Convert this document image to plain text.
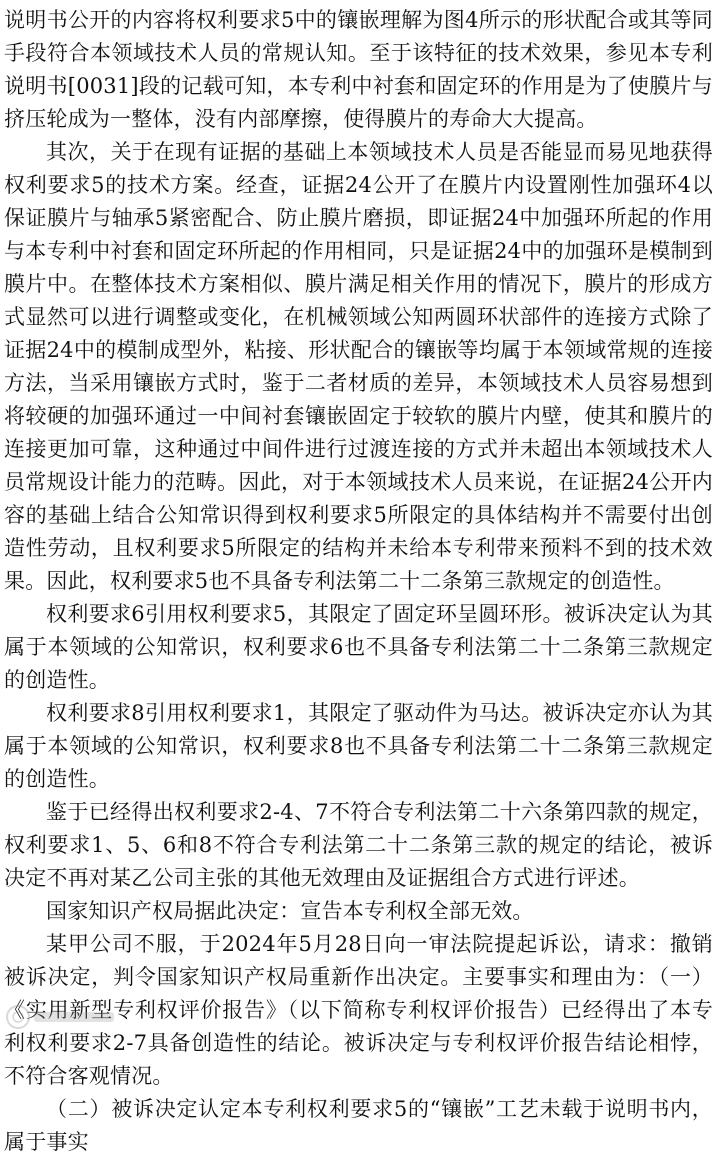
说明书公开的内容将权利要求5中的镶嵌理解为图4所示的形状配合或其等同手段符合本领域技术人员的常规认知。至于该特征的技术效果，参见本专利说明书[0031]段的记载可知，本专利中衬套和固定环的作用是为了使膜片与挤压轮成为一整体，没有内部摩擦，使得膜片的寿命大大提高。

其次，关于在现有证据的基础上本领域技术人员是否能显而易见地获得权利要求5的技术方案。经查，证据24公开了在膜片内设置刚性加强环4以保证膜片与轴承5紧密配合、防止膜片磨损，即证据24中加强环所起的作用与本专利中衬套和固定环所起的作用相同，只是证据24中的加强环是模制到膜片中。在整体技术方案相似、膜片满足相关作用的情况下，膜片的形成方式显然可以进行调整或变化，在机械领域公知两圆环状部件的连接方式除了证据24中的模制成型外，粘接、形状配合的镶嵌等均属于本领域常规的连接方法，当采用镶嵌方式时，鉴于二者材质的差异，本领域技术人员容易想到将较硬的加强环通过一中间衬套镶嵌固定于较软的膜片内壁，使其和膜片的连接更加可靠，这种通过中间件进行过渡连接的方式并未超出本领域技术人员常规设计能力的范畴。因此，对于本领域技术人员来说，在证据24公开内容的基础上结合公知常识得到权利要求5所限定的具体结构并不需要付出创造性劳动，且权利要求5所限定的结构并未给本专利带来预料不到的技术效果。因此，权利要求5也不具备专利法第二十二条第三款规定的创造性。

权利要求6引用权利要求5，其限定了固定环呈圆环形。被诉决定认为其属于本领域的公知常识，权利要求6也不具备专利法第二十二条第三款规定的创造性。

权利要求8引用权利要求1，其限定了驱动件为马达。被诉决定亦认为其属于本领域的公知常识，权利要求8也不具备专利法第二十二条第三款规定的创造性。

鉴于已经得出权利要求2-4、7不符合专利法第二十六条第四款的规定，权利要求1、5、6和8不符合专利法第二十二条第三款的规定的结论，被诉决定不再对某乙公司主张的其他无效理由及证据组合方式进行评述。

国家知识产权局据此决定：宣告本专利权全部无效。

某甲公司不服，于2024年5月28日向一审法院提起诉讼，请求：撤销被诉决定，判令国家知识产权局重新作出决定。主要事实和理由为：（一）《实用新型专利权评价报告》（以下简称专利权评价报告）已经得出了本专利权利要求2-7具备创造性的结论。被诉决定与专利权评价报告结论相悖，不符合客观情况。

（二）被诉决定认定本专利权利要求5的“镶嵌”工艺未载于说明书内，属于事实
